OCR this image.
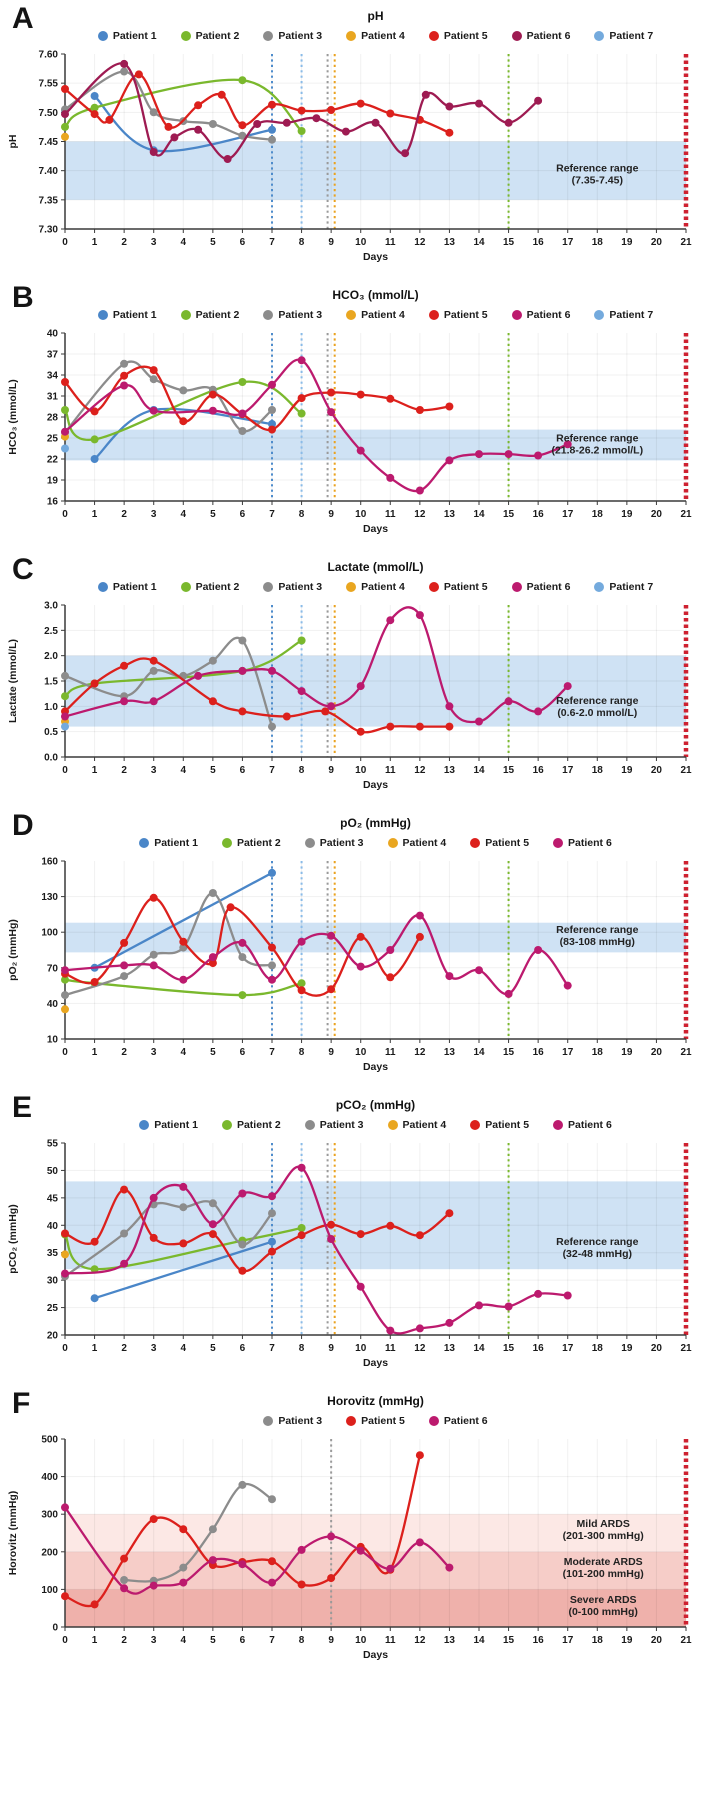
A	pH
Patient 1	Patient 2	Patient 3	Patient 4	Patient 5	Patient 6	Patient 7
7.30
7.35
7.40
7.45
7.50
7.55
7.60
0 1 2 3 4 5 6 7 8 9 10 11 12 13 14 15 16 17 18 19 20 21
Days
pH
Reference range
(7.35-7.45)
B	HCO₃ (mmol/L)
Patient 1	Patient 2	Patient 3	Patient 4	Patient 5	Patient 6	Patient 7
16
19
22
25
28
31
34
37
40
0 1 2 3 4 5 6 7 8 9 10 11 12 13 14 15 16 17 18 19 20 21
Days
HCO₃ (mmol/L)	Reference range
(21.8-26.2 mmol/L)
C	Lactate (mmol/L)
Patient 1	Patient 2	Patient 3	Patient 4	Patient 5	Patient 6	Patient 7
0.0
0.5
1.0
1.5
2.0
2.5
3.0
0 1 2 3 4 5 6 7 8 9 10 11 12 13 14 15 16 17 18 19 20 21
Days
Lactate (mmol/L)	Reference range
(0.6-2.0 mmol/L)
D	pO₂ (mmHg)
Patient 1	Patient 2	Patient 3	Patient 4	Patient 5	Patient 6
10
40
70
100
130
160
0 1 2 3 4 5 6 7 8 9 10 11 12 13 14 15 16 17 18 19 20 21
Days
pO₂ (mmHg)	Reference range
(83-108 mmHg)
E	pCO₂ (mmHg)
Patient 1	Patient 2	Patient 3	Patient 4	Patient 5	Patient 6
20
25
30
35
40
45
50
55
0 1 2 3 4 5 6 7 8 9 10 11 12 13 14 15 16 17 18 19 20 21
Days
pCO₂ (mmHg)	Reference range
(32-48 mmHg)
F	Horovitz (mmHg)
Patient 3	Patient 5	Patient 6
0
100
200
300
400
500
0 1 2 3 4 5 6 7 8 9 10 11 12 13 14 15 16 17 18 19 20 21
Days
Horovitz (mmHg)	Mild ARDS
(201-300 mmHg)
Moderate ARDS
(101-200 mmHg)
Severe ARDS
(0-100 mmHg)
